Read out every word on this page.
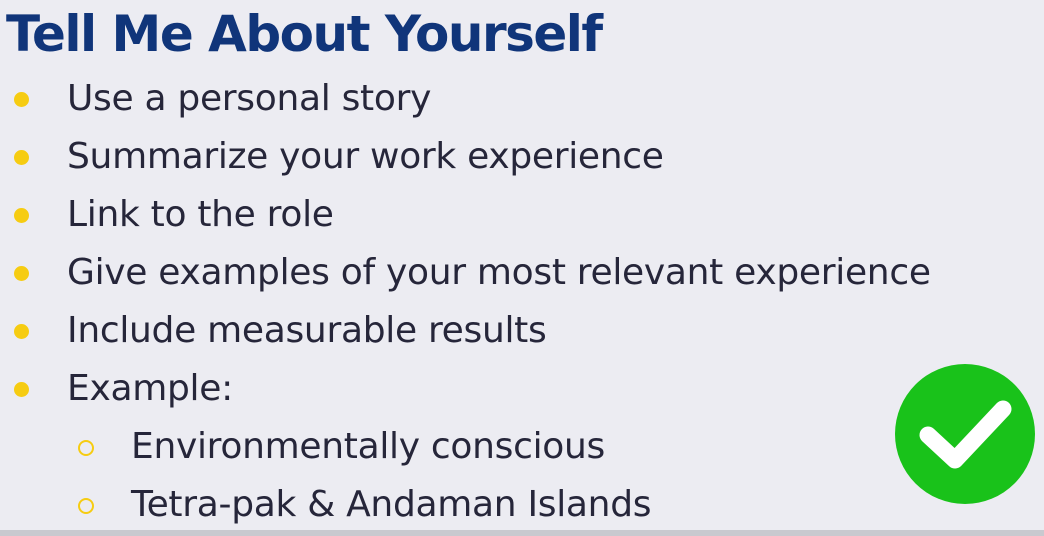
Tell Me About Yourself
Use a personal story
Summarize your work experience
Link to the role
Give examples of your most relevant experience
Include measurable results
Example:
Environmentally conscious
Tetra-pak & Andaman Islands
